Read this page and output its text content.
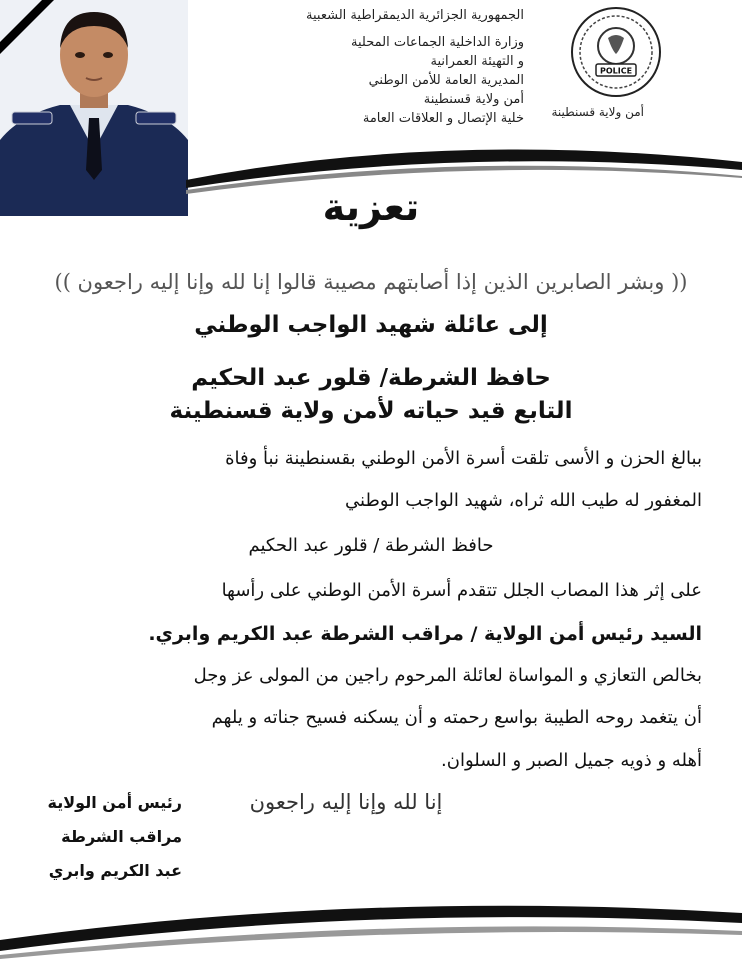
الجمهورية الجزائرية الديمقراطية الشعبية
وزارة الداخلية الجماعات المحلية
و التهيئة العمرانية
المديرية العامة للأمن الوطني
أمن ولاية قسنطينة
خلية الإتصال و العلاقات العامة
POLICE
أمن ولاية قسنطينة
تعزية
(( وبشر الصابرين الذين إذا أصابتهم مصيبة قالوا إنا لله وإنا إليه راجعون ))
إلى عائلة شهيد الواجب الوطني
حافظ الشرطة/ قلور عبد الحكيم
التابع قيد حياته لأمن ولاية قسنطينة
ببالغ الحزن و الأسى تلقت أسرة الأمن الوطني بقسنطينة نبأ وفاة
المغفور له طيب الله ثراه، شهيد الواجب الوطني
حافظ الشرطة / قلور عبد الحكيم
على إثر هذا المصاب الجلل تتقدم أسرة الأمن الوطني على رأسها
السيد رئيس أمن الولاية / مراقب الشرطة عبد الكريم وابري.
بخالص التعازي و المواساة لعائلة المرحوم راجين من المولى عز وجل
أن يتغمد روحه الطيبة بواسع رحمته و أن يسكنه فسيح جناته و يلهم
أهله و ذويه جميل الصبر و السلوان.
إنا لله وإنا إليه راجعون
رئيس أمن الولاية
مراقب الشرطة
عبد الكريم وابري
